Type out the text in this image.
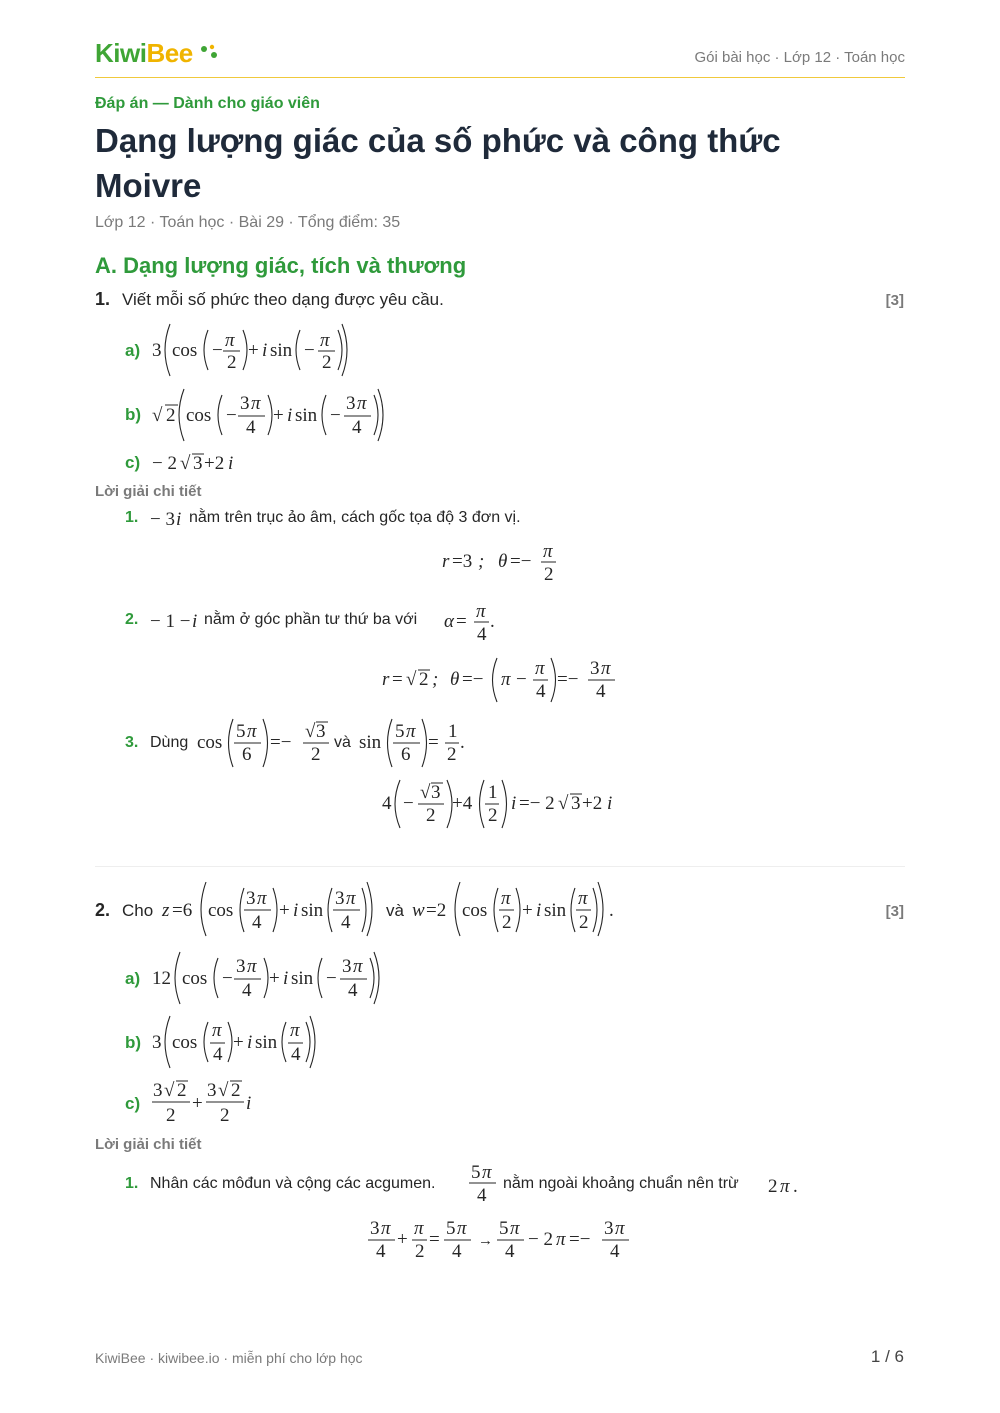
KiwiBee	Gói bài học · Lớp 12 · Toán học
Đáp án — Dành cho giáo viên
Dạng lượng giác của số phức và công thức Moivre
Lớp 12 · Toán học · Bài 29 · Tổng điểm: 35
A. Dạng lượng giác, tích và thương
1. Viết mỗi số phức theo dạng được yêu cầu.	[3]
a) 3 cos − π
2
+ i sin − π
2
b) √ 2 cos −
3 π
4
+ i sin −
3 π
4
c) − 2 √ 3 +2 i
Lời giải chi tiết
1. − 3 i nằm trên trục ảo âm, cách gốc tọa độ 3 đơn vị.
r =3 ; θ =− π
2
2. − 1 − i nằm ở góc phần tư thứ ba với α = π
4
.
r = √ 2 ; θ =− π −
π
4
=−
3 π
4
3. Dùng cos
5 π
6
=−
√ 3
2
và sin
5 π
6
=
1
2
.
4 −
√ 3
2
+4
1
2
i =− 2 √ 3 +2 i
2. Cho z =6 cos
3 π
4
+ i sin
3 π
4
và w =2 cos
π
2
+ i sin
π
2
.	[3]
a) 12 cos −
3 π
4
+ i sin −
3 π
4
b) 3 cos
π
4
+ i sin
π
4
c)
3 √ 2
2
+
3 √ 2
2
i
Lời giải chi tiết
1. Nhân các môđun và cộng các acgumen.
5 π
4
nằm ngoài khoảng chuẩn nên trừ 2 π .
3 π
4
+
π
2
=
5 π
4 →
5 π
4
− 2 π =−
3 π
4
KiwiBee · kiwibee.io · miễn phí cho lớp học	1 / 6
